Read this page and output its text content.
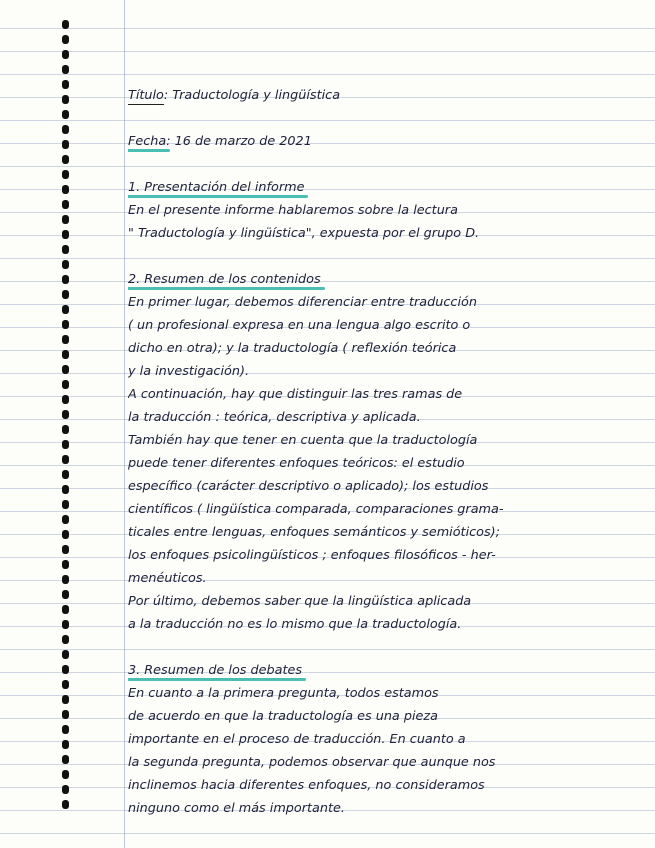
Título: Traductología y lingüística
Fecha: 16 de marzo de 2021
1. Presentación del informe
En el presente informe hablaremos sobre la lectura
" Traductología y lingüística", expuesta por el grupo D.
2. Resumen de los contenidos
En primer lugar, debemos diferenciar entre traducción
( un profesional expresa en una lengua algo escrito o
dicho en otra); y la traductología ( reflexión teórica
y la investigación).
A continuación, hay que distinguir las tres ramas de
la traducción : teórica, descriptiva y aplicada.
También hay que tener en cuenta que la traductología
puede tener diferentes enfoques teóricos: el estudio
específico (carácter descriptivo o aplicado); los estudios
científicos ( lingüística comparada, comparaciones grama-
ticales entre lenguas, enfoques semánticos y semióticos);
los enfoques psicolingüísticos ; enfoques filosóficos - her-
menéuticos.
Por último, debemos saber que la lingüística aplicada
a la traducción no es lo mismo que la traductología.
3. Resumen de los debates
En cuanto a la primera pregunta, todos estamos
de acuerdo en que la traductología es una pieza
importante en el proceso de traducción. En cuanto a
la segunda pregunta, podemos observar que aunque nos
inclinemos hacia diferentes enfoques, no consideramos
ninguno como el más importante.
